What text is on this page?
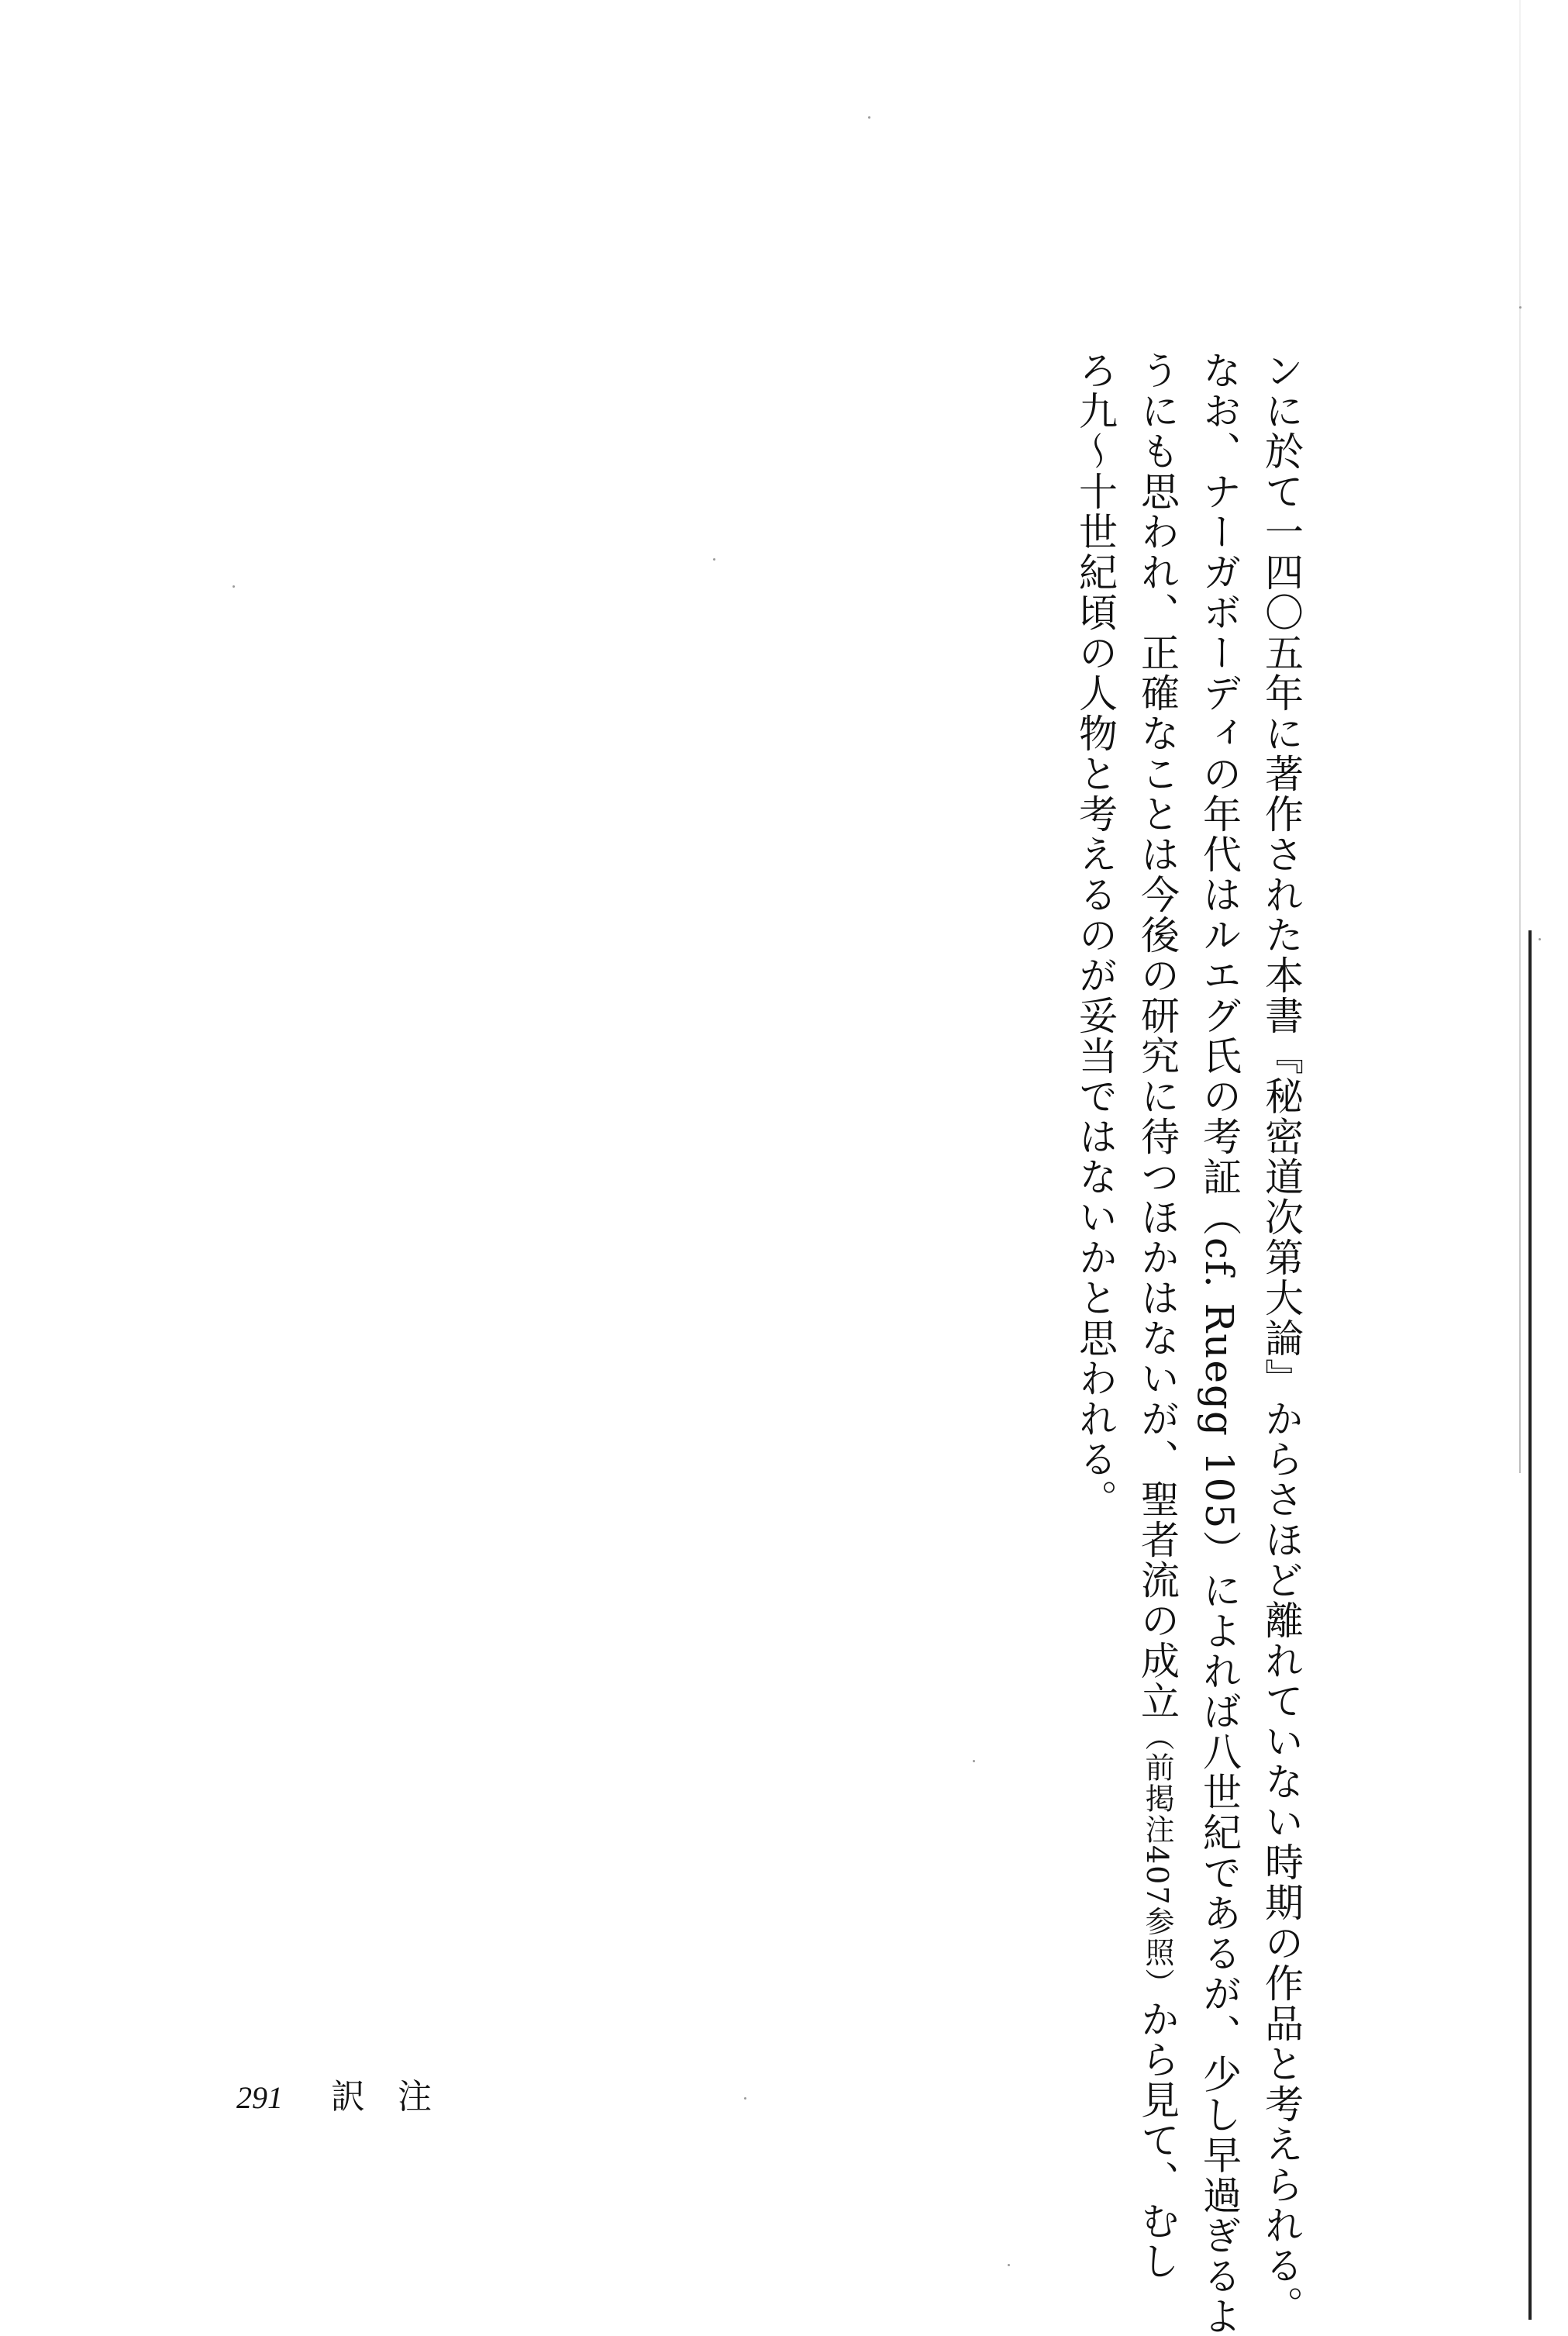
ンに於て一四〇五年に著作された本書『秘密道次第大論』からさほど離れていない時期の作品と考えられる。
なお、ナーガボーディの年代はルエグ氏の考証（cf. Ruegg 105）によれば八世紀であるが、少し早過ぎるよ
うにも思われ、正確なことは今後の研究に待つほかはないが、聖者流の成立（前掲注407参照）から見て、むし
ろ九〜十世紀頃の人物と考えるのが妥当ではないかと思われる。
291 訳注
